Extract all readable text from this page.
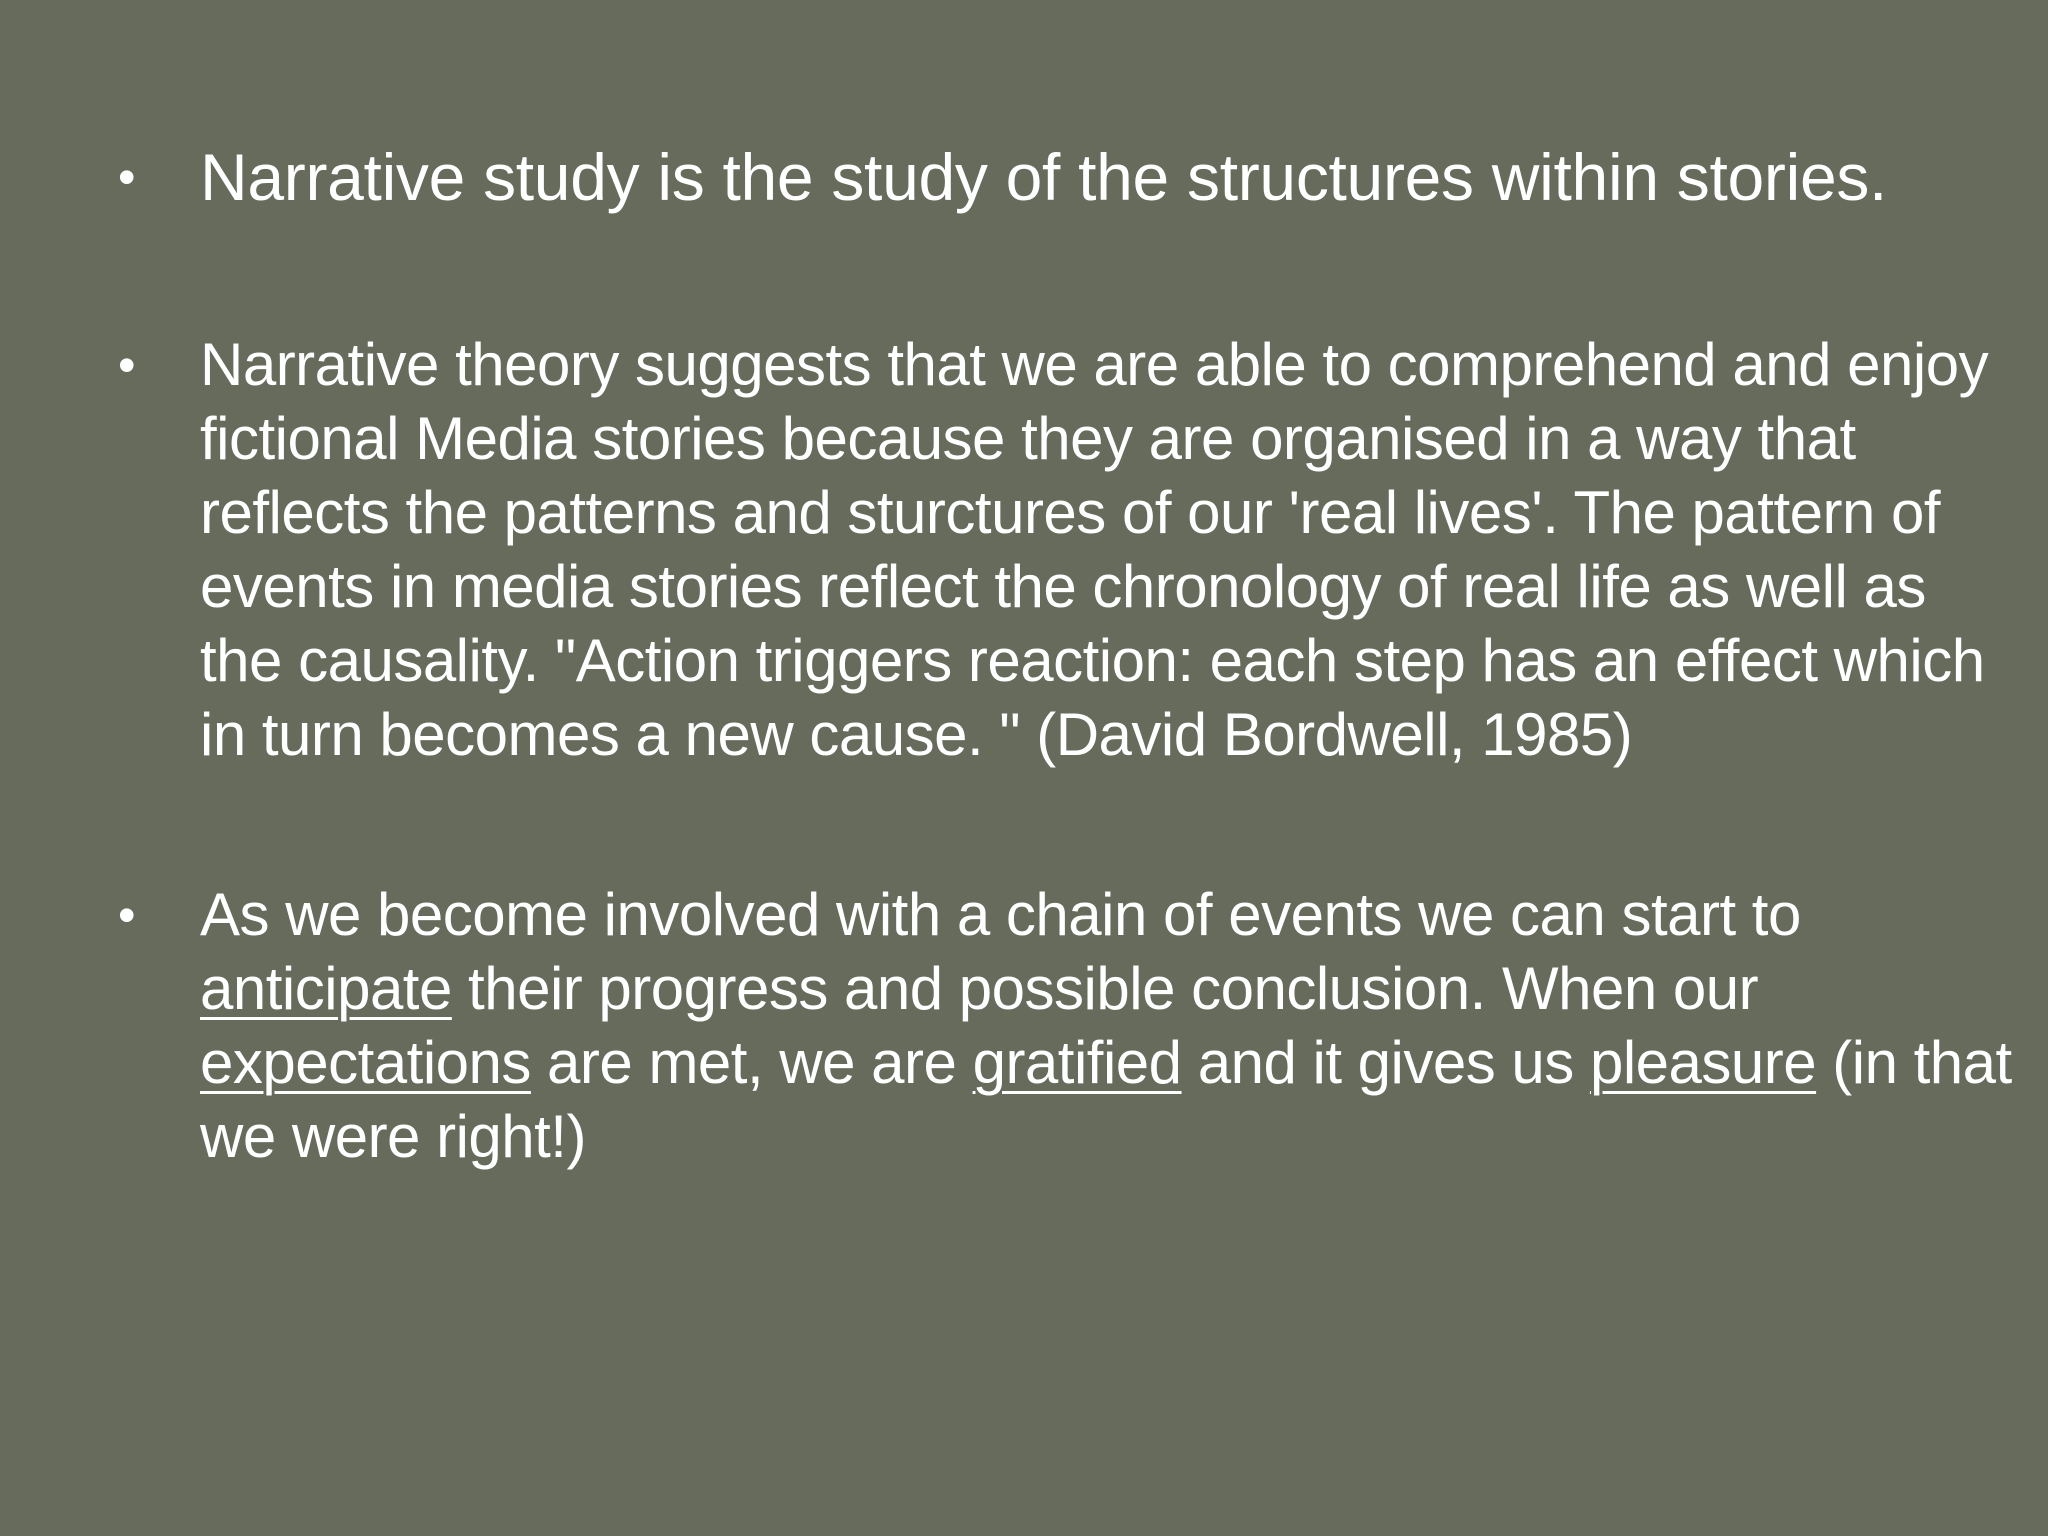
• Narrative study is the study of the structures within stories.

• Narrative theory suggests that we are able to comprehend and enjoy
fictional Media stories because they are organised in a way that
reflects the patterns and sturctures of our 'real lives'. The pattern of
events in media stories reflect the chronology of real life as well as
the causality. "Action triggers reaction: each step has an effect which
in turn becomes a new cause. " (David Bordwell, 1985)

• As we become involved with a chain of events we can start to
anticipate their progress and possible conclusion. When our
expectations are met, we are gratified and it gives us pleasure (in that
we were right!)
